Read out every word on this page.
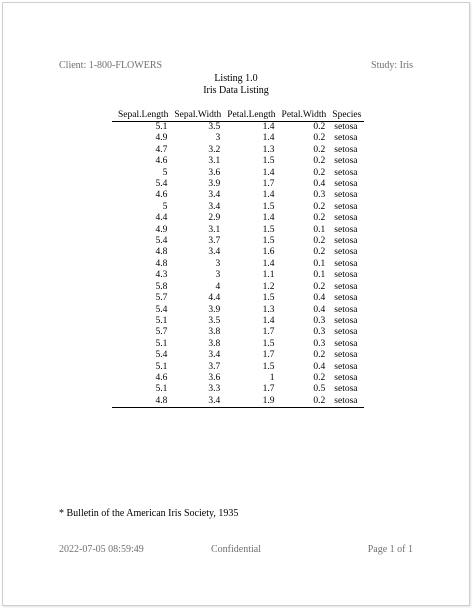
Client: 1-800-FLOWERS	Study: Iris
Listing 1.0
Iris Data Listing
Sepal.Length	Sepal.Width	Petal.Length	Petal.Width	Species
5.1	3.5	1.4	0.2	setosa
4.9	3	1.4	0.2	setosa
4.7	3.2	1.3	0.2	setosa
4.6	3.1	1.5	0.2	setosa
5	3.6	1.4	0.2	setosa
5.4	3.9	1.7	0.4	setosa
4.6	3.4	1.4	0.3	setosa
5	3.4	1.5	0.2	setosa
4.4	2.9	1.4	0.2	setosa
4.9	3.1	1.5	0.1	setosa
5.4	3.7	1.5	0.2	setosa
4.8	3.4	1.6	0.2	setosa
4.8	3	1.4	0.1	setosa
4.3	3	1.1	0.1	setosa
5.8	4	1.2	0.2	setosa
5.7	4.4	1.5	0.4	setosa
5.4	3.9	1.3	0.4	setosa
5.1	3.5	1.4	0.3	setosa
5.7	3.8	1.7	0.3	setosa
5.1	3.8	1.5	0.3	setosa
5.4	3.4	1.7	0.2	setosa
5.1	3.7	1.5	0.4	setosa
4.6	3.6	1	0.2	setosa
5.1	3.3	1.7	0.5	setosa
4.8	3.4	1.9	0.2	setosa
* Bulletin of the American Iris Society, 1935
2022-07-05 08:59:49	Confidential	Page 1 of 1
